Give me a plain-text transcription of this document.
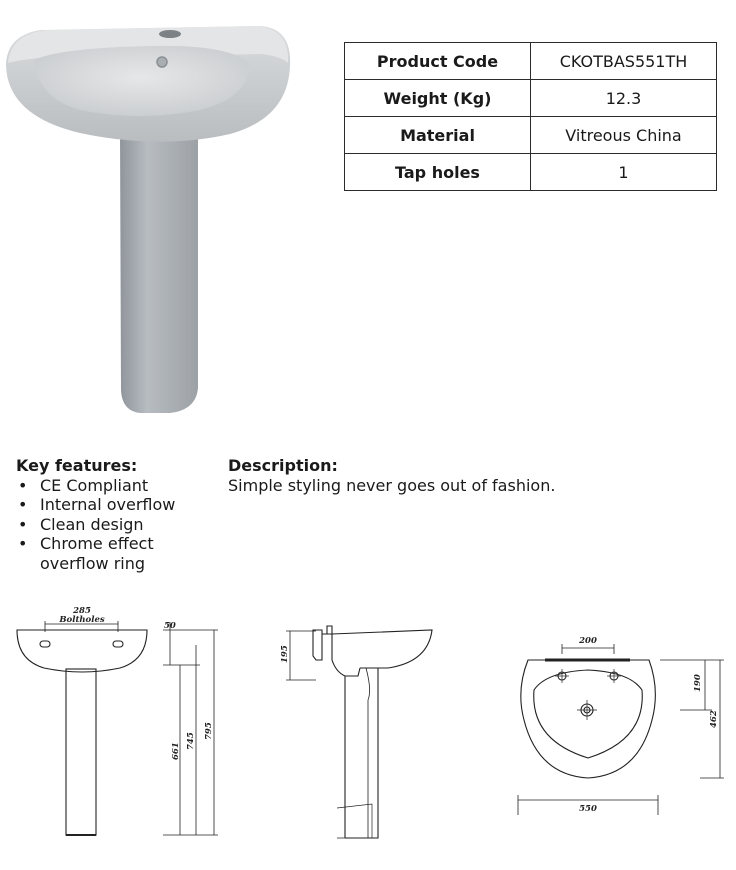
Product Code	CKOTBAS551TH
Weight (Kg)	12.3
Material	Vitreous China
Tap holes	1
Key features:
• CE Compliant
• Internal overflow
• Clean design
• Chrome effect overflow ring
Description:
Simple styling never goes out of fashion.
285
Boltholes
50
661
745
795
195
200
190
462
550
